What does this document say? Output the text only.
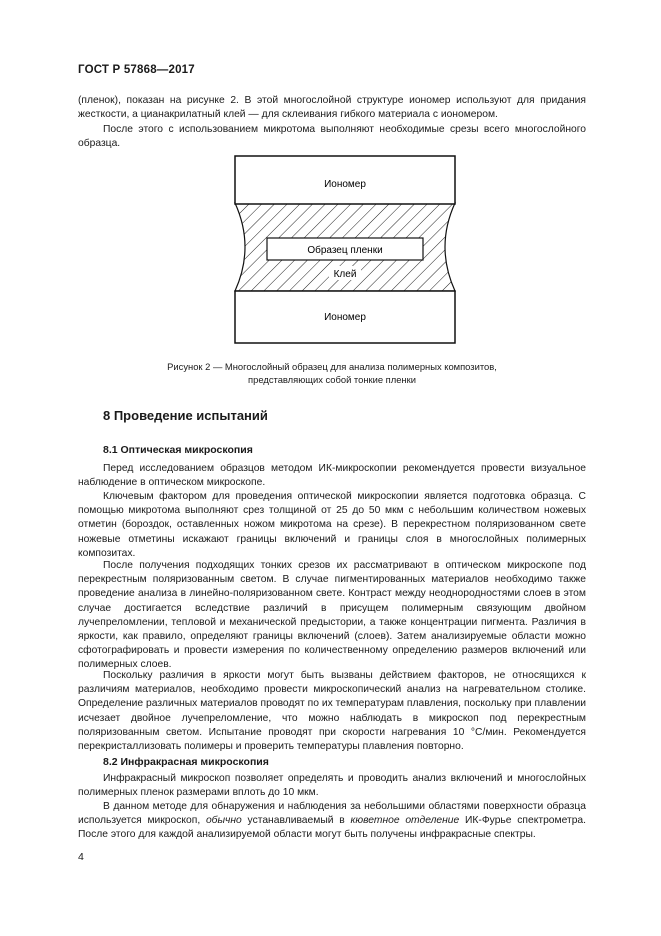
ГОСТ Р 57868—2017

(пленок), показан на рисунке 2. В этой многослойной структуре иономер используют для придания жесткости, а цианакрилатный клей — для склеивания гибкого материала с иономером.

После этого с использованием микротома выполняют необходимые срезы всего многослойного образца.

Иономер
Образец пленки
Клей
Иономер
Рисунок 2 — Многослойный образец для анализа полимерных композитов,
представляющих собой тонкие пленки
8 Проведение испытаний
8.1 Оптическая микроскопия

Перед исследованием образцов методом ИК-микроскопии рекомендуется провести визуальное наблюдение в оптическом микроскопе.

Ключевым фактором для проведения оптической микроскопии является подготовка образца. С помощью микротома выполняют срез толщиной от 25 до 50 мкм с небольшим количеством ножевых отметин (бороздок, оставленных ножом микротома на срезе). В перекрестном поляризованном свете ножевые отметины искажают границы включений и границы слоя в многослойных полимерных композитах.

После получения подходящих тонких срезов их рассматривают в оптическом микроскопе под перекрестным поляризованным светом. В случае пигментированных материалов необходимо также проведение анализа в линейно-поляризованном свете. Контраст между неоднородностями слоев в этом случае достигается вследствие различий в присущем полимерным связующим двойном лучепреломлении, тепловой и механической предыстории, а также концентрации пигмента. Различия в яркости, как правило, определяют границы включений (слоев). Затем анализируемые области можно сфотографировать и провести измерения по количественному определению размеров включений или полимерных слоев.

Поскольку различия в яркости могут быть вызваны действием факторов, не относящихся к различиям материалов, необходимо провести микроскопический анализ на нагревательном столике. Определение различных материалов проводят по их температурам плавления, поскольку при плавлении исчезает двойное лучепреломление, что можно наблюдать в микроскоп под перекрестным поляризованным светом. Испытание проводят при скорости нагревания 10 °С/мин. Рекомендуется перекристаллизовать полимеры и проверить температуры плавления повторно.

8.2 Инфракрасная микроскопия

Инфракрасный микроскоп позволяет определять и проводить анализ включений и многослойных полимерных пленок размерами вплоть до 10 мкм.

В данном методе для обнаружения и наблюдения за небольшими областями поверхности образца используется микроскоп, обычно устанавливаемый в кюветное отделение ИК-Фурье спектрометра. После этого для каждой анализируемой области могут быть получены инфракрасные спектры.

4
